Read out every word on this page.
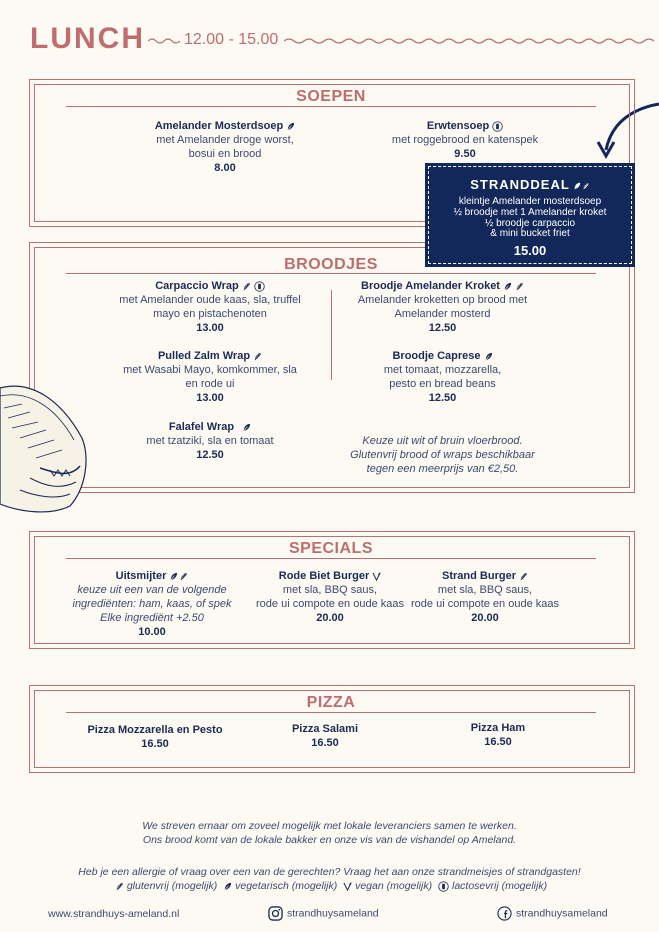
LUNCH 12.00 - 15.00
SOEPEN
Amelander Mosterdsoep
met Amelander droge worst,
bosui en brood
8.00
Erwtensoep
met roggebrood en katenspek
9.50
BROODJES
STRANDDEAL
kleintje Amelander mosterdsoep
½ broodje met 1 Amelander kroket
½ broodje carpaccio
& mini bucket friet
15.00
Carpaccio Wrap
met Amelander oude kaas, sla, truffel
mayo en pistachenoten
13.00
Broodje Amelander Kroket
Amelander kroketten op brood met
Amelander mosterd
12.50
Pulled Zalm Wrap
met Wasabi Mayo, komkommer, sla
en rode ui
13.00
Broodje Caprese
met tomaat, mozzarella,
pesto en bread beans
12.50
Falafel Wrap
met tzatziki, sla en tomaat
12.50
Keuze uit wit of bruin vloerbrood.
Glutenvrij brood of wraps beschikbaar
tegen een meerprijs van €2,50.
SPECIALS
Uitsmijter
keuze uit een van de volgende
ingrediënten: ham, kaas, of spek
Elke ingrediënt +2.50
10.00
Rode Biet Burger
met sla, BBQ saus,
rode ui compote en oude kaas
20.00
Strand Burger
met sla, BBQ saus,
rode ui compote en oude kaas
20.00
PIZZA
Pizza Mozzarella en Pesto
16.50
Pizza Salami
16.50
Pizza Ham
16.50
We streven ernaar om zoveel mogelijk met lokale leveranciers samen te werken.
Ons brood komt van de lokale bakker en onze vis van de vishandel op Ameland.
Heb je een allergie of vraag over een van de gerechten? Vraag het aan onze strandmeisjes of strandgasten!
glutenvrij (mogelijk) vegetarisch (mogelijk) vegan (mogelijk) lactosevrij (mogelijk)
www.strandhuys-ameland.nl	strandhuysameland	strandhuysameland
